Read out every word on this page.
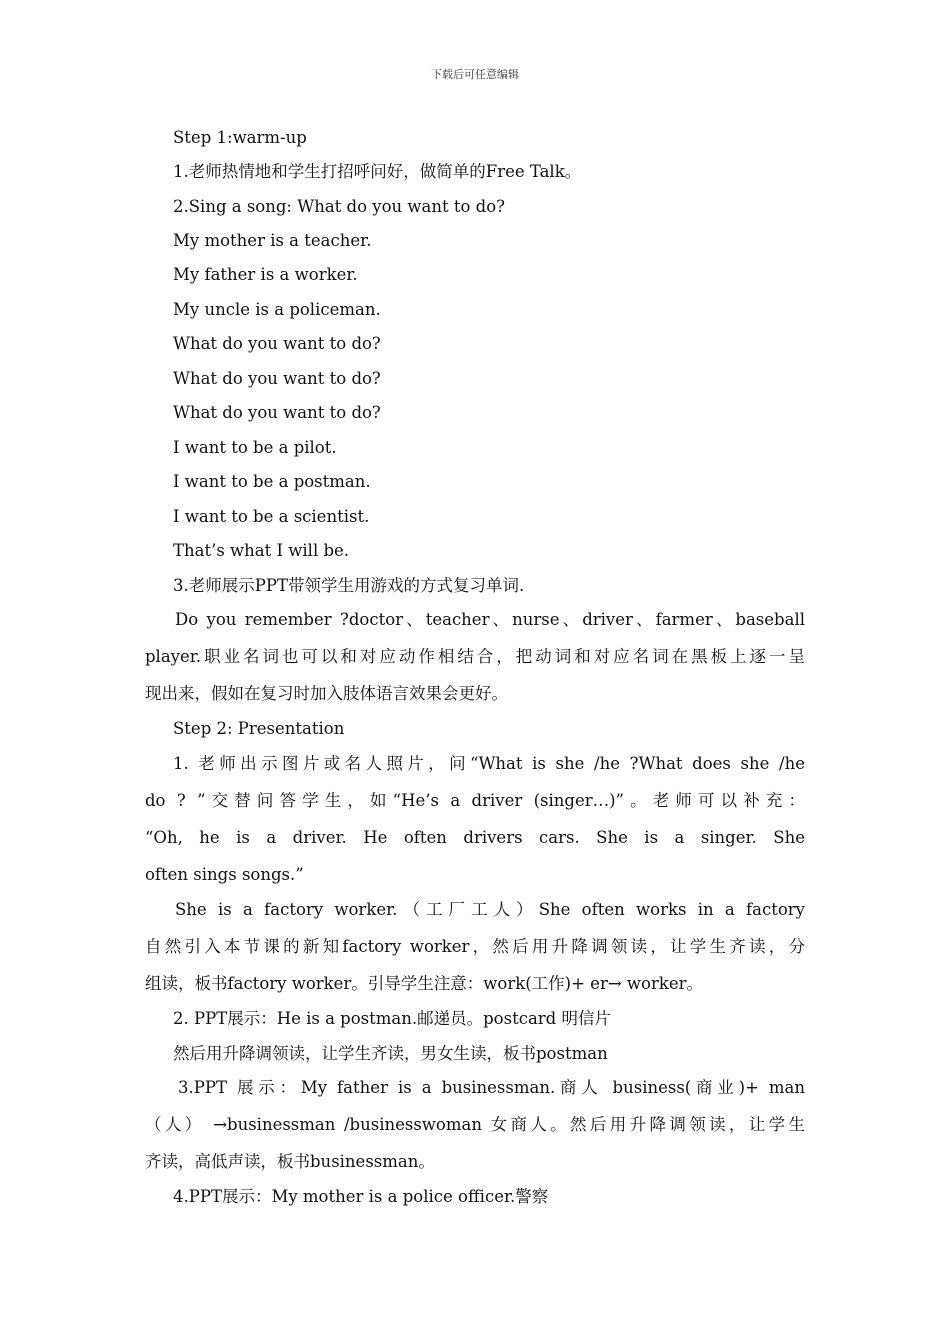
下载后可任意编辑
Step 1:warm-up
1.老师热情地和学生打招呼问好，做简单的Free Talk。
2.Sing a song: What do you want to do?
My mother is a teacher.
My father is a worker.
My uncle is a policeman.
What do you want to do?
What do you want to do?
What do you want to do?
I want to be a pilot.
I want to be a postman.
I want to be a scientist.
That’s what I will be.
3.老师展示PPT带领学生用游戏的方式复习单词.
Do you remember ?doctor、teacher、nurse、driver、farmer、baseball
player.职业名词也可以和对应动作相结合，把动词和对应名词在黑板上逐一呈
现出来，假如在复习时加入肢体语言效果会更好。
Step 2: Presentation
1. 老师出示图片或名人照片，问“What is she /he ?What does she /he
do ? ”交替问答学生，如“He’s a driver (singer…)”。老师可以补充：
“Oh, he is a driver. He often drivers cars. She is a singer. She
often sings songs.”
She is a factory worker.（工厂工人）She often works in a factory
自然引入本节课的新知factory worker，然后用升降调领读，让学生齐读，分
组读，板书factory worker。引导学生注意：work(工作)+ er→ worker。
2. PPT展示：He is a postman.邮递员。postcard 明信片
然后用升降调领读，让学生齐读，男女生读，板书postman
3.PPT 展示：My father is a businessman.商人 business(商业)+ man
（人） →businessman /businesswoman 女商人。然后用升降调领读，让学生
齐读，高低声读，板书businessman。
4.PPT展示：My mother is a police officer.警察
